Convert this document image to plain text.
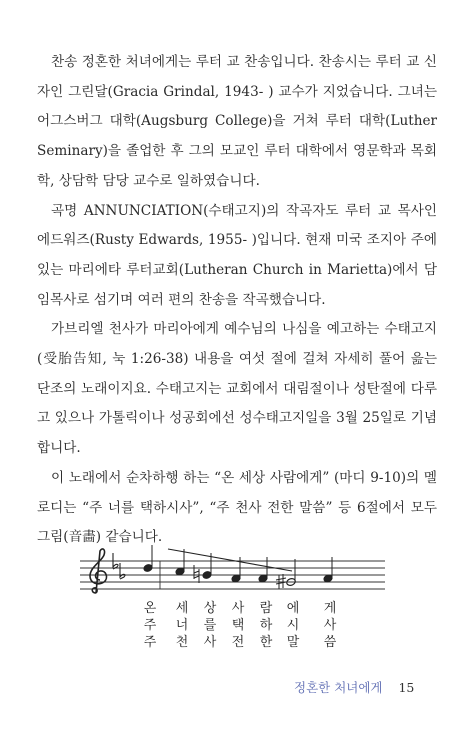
찬송 정혼한 처녀에게는 루터 교 찬송입니다. 찬송시는 루터 교 신자인 그린달(Gracia Grindal, 1943- ) 교수가 지었습니다. 그녀는 어그스버그 대학(Augsburg College)을 거쳐 루터 대학(Luther Seminary)을 졸업한 후 그의 모교인 루터 대학에서 영문학과 목회학, 상담학 담당 교수로 일하였습니다.

곡명 ANNUNCIATION(수태고지)의 작곡자도 루터 교 목사인 에드워즈(Rusty Edwards, 1955- )입니다. 현재 미국 조지아 주에 있는 마리에타 루터교회(Lutheran Church in Marietta)에서 담임목사로 섬기며 여러 편의 찬송을 작곡했습니다.

가브리엘 천사가 마리아에게 예수님의 나심을 예고하는 수태고지(受胎告知, 눅 1:26-38) 내용을 여섯 절에 걸쳐 자세히 풀어 읊는 단조의 노래이지요. 수태고지는 교회에서 대림절이나 성탄절에 다루고 있으나 가톨릭이나 성공회에선 성수태고지일을 3월 25일로 기념합니다.

이 노래에서 순차하행 하는 “온 세상 사람에게” (마디 9-10)의 멜로디는 “주 너를 택하시사”, “주 천사 전한 말씀” 등 6절에서 모두 그림(音畵) 같습니다.

온 세 상 사 람 에 게
주 너 를 택 하 시 사
주 천 사 전 한 말 씀
정혼한 처녀에게 15
